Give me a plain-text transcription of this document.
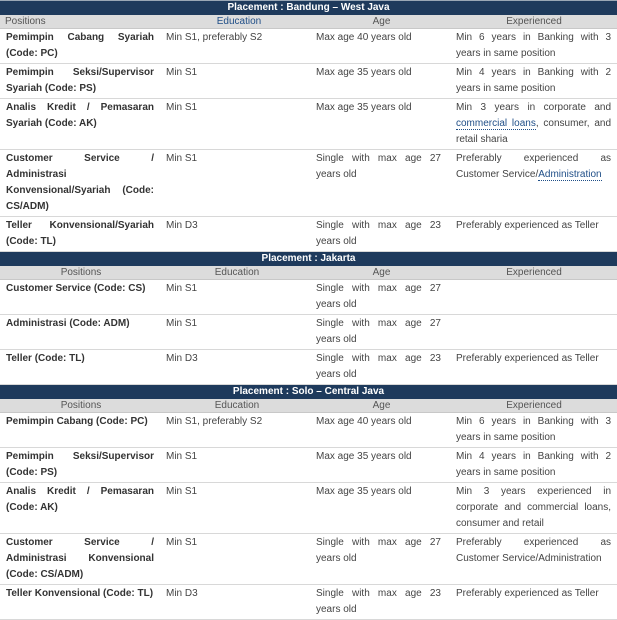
Placement : Bandung – West Java			
Positions	Education	Age	Experienced
Pemimpin Cabang Syariah (Code: PC)	Min S1, preferably S2	Max age 40 years old	Min 6 years in Banking with 3 years in same position
Pemimpin Seksi/Supervisor Syariah (Code: PS)	Min S1	Max age 35 years old	Min 4 years in Banking with 2 years in same position
Analis Kredit / Pemasaran Syariah (Code: AK)	Min S1	Max age 35 years old	Min 3 years in corporate and commercial loans, consumer, and retail sharia
Customer Service / Administrasi Konvensional/Syariah (Code: CS/ADM)	Min S1	Single with max age 27 years old	Preferably experienced as Customer Service/Administration
Teller Konvensional/Syariah (Code: TL)	Min D3	Single with max age 23 years old	Preferably experienced as Teller
Placement : Jakarta			
Positions	Education	Age	Experienced
Customer Service (Code: CS)	Min S1	Single with max age 27 years old	
Administrasi (Code: ADM)	Min S1	Single with max age 27 years old	
Teller (Code: TL)	Min D3	Single with max age 23 years old	Preferably experienced as Teller
Placement : Solo – Central Java			
Positions	Education	Age	Experienced
Pemimpin Cabang (Code: PC)	Min S1, preferably S2	Max age 40 years old	Min 6 years in Banking with 3 years in same position
Pemimpin Seksi/Supervisor (Code: PS)	Min S1	Max age 35 years old	Min 4 years in Banking with 2 years in same position
Analis Kredit / Pemasaran (Code: AK)	Min S1	Max age 35 years old	Min 3 years experienced in corporate and commercial loans, consumer and retail
Customer Service / Administrasi Konvensional (Code: CS/ADM)	Min S1	Single with max age 27 years old	Preferably experienced as Customer Service/Administration
Teller Konvensional (Code: TL)	Min D3	Single with max age 23 years old	Preferably experienced as Teller
